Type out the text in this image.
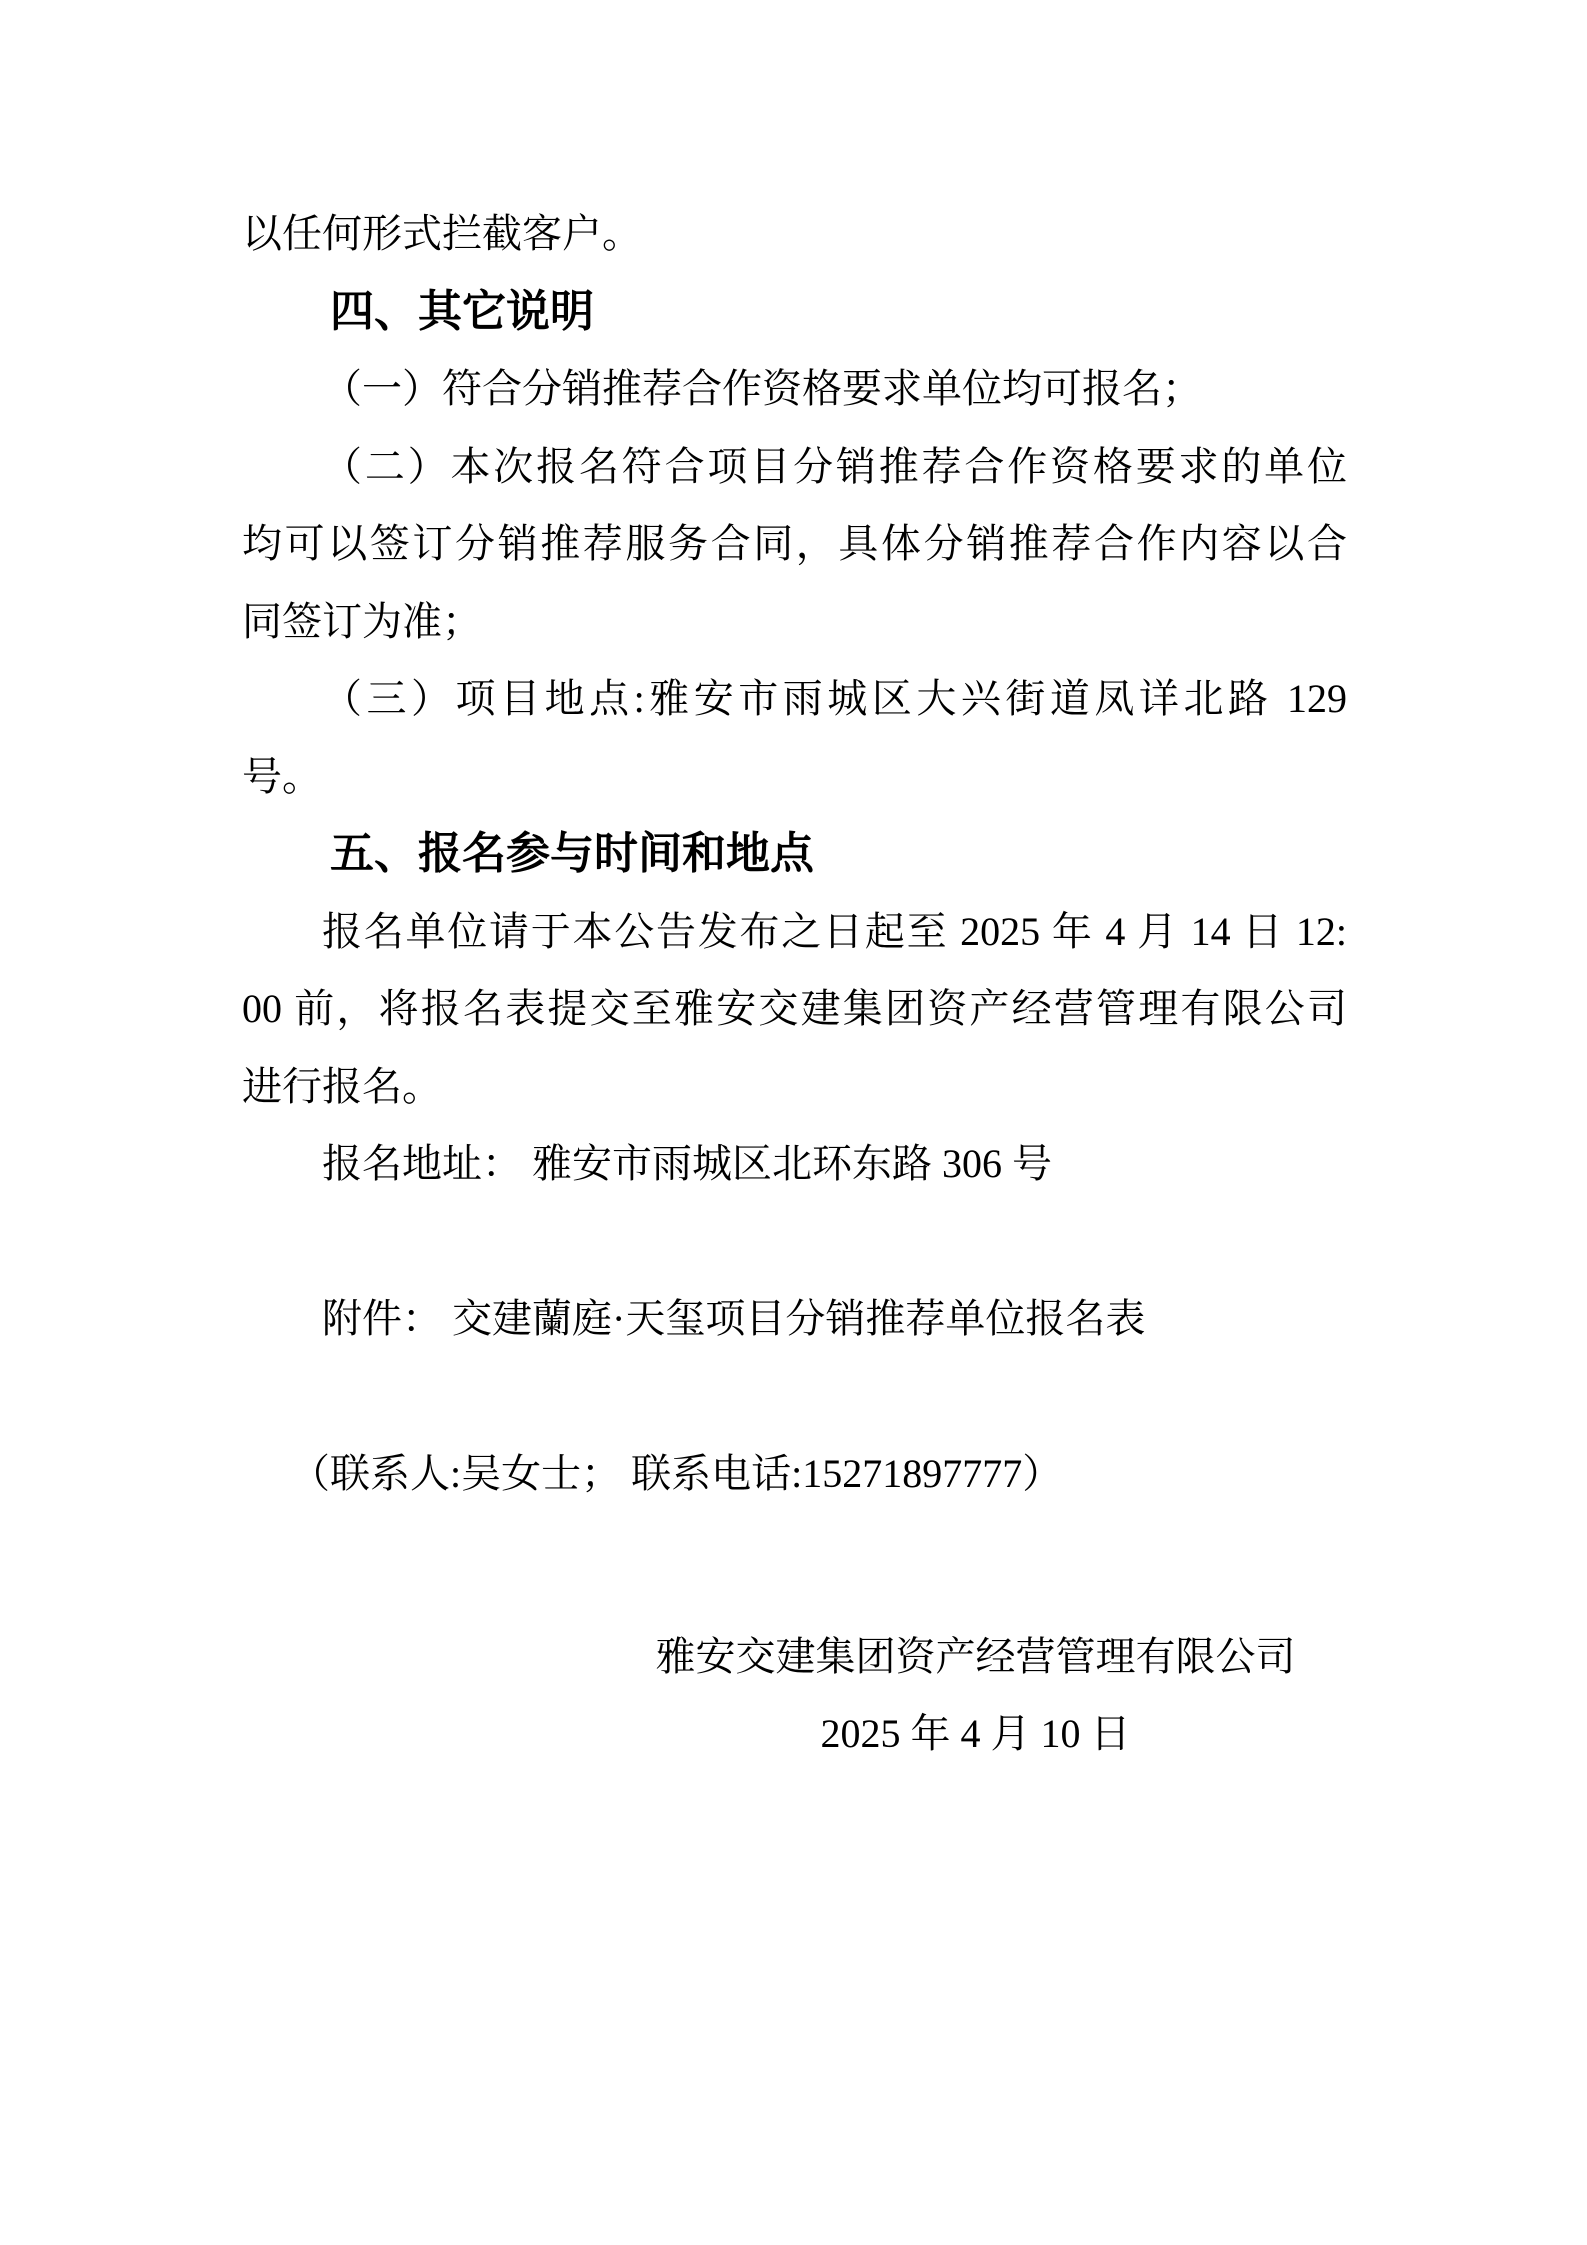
以任何形式拦截客户。
四、其它说明
（一）符合分销推荐合作资格要求单位均可报名；
（二）本次报名符合项目分销推荐合作资格要求的单位
均可以签订分销推荐服务合同，具体分销推荐合作内容以合
同签订为准；
（三）项目地点:雅安市雨城区大兴街道凤详北路 129
号。
五、报名参与时间和地点
报名单位请于本公告发布之日起至 2025 年 4 月 14 日 12:
00 前，将报名表提交至雅安交建集团资产经营管理有限公司
进行报名。
报名地址： 雅安市雨城区北环东路 306 号
附件： 交建蘭庭·天玺项目分销推荐单位报名表
（联系人:吴女士； 联系电话:15271897777）
雅安交建集团资产经营管理有限公司
2025 年 4 月 10 日
